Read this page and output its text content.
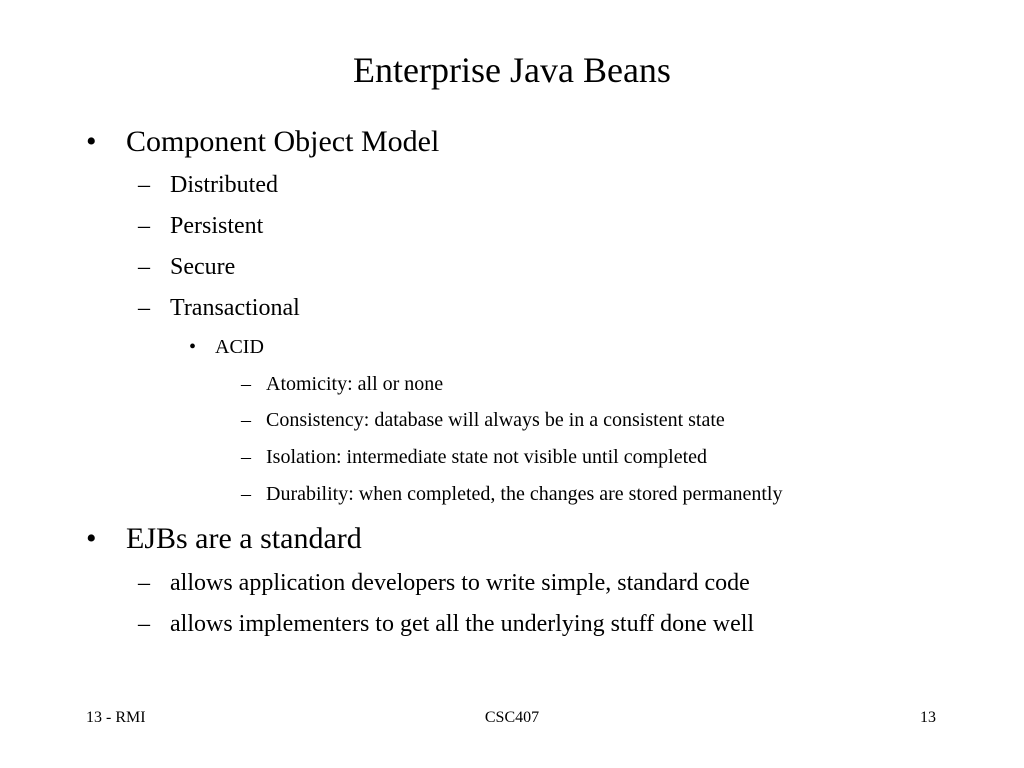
Enterprise Java Beans
• Component Object Model
– Distributed
– Persistent
– Secure
– Transactional
• ACID
– Atomicity: all or none
– Consistency: database will always be in a consistent state
– Isolation: intermediate state not visible until completed
– Durability: when completed, the changes are stored permanently
• EJBs are a standard
– allows application developers to write simple, standard code
– allows implementers to get all the underlying stuff done well
13 - RMI	CSC407	13
